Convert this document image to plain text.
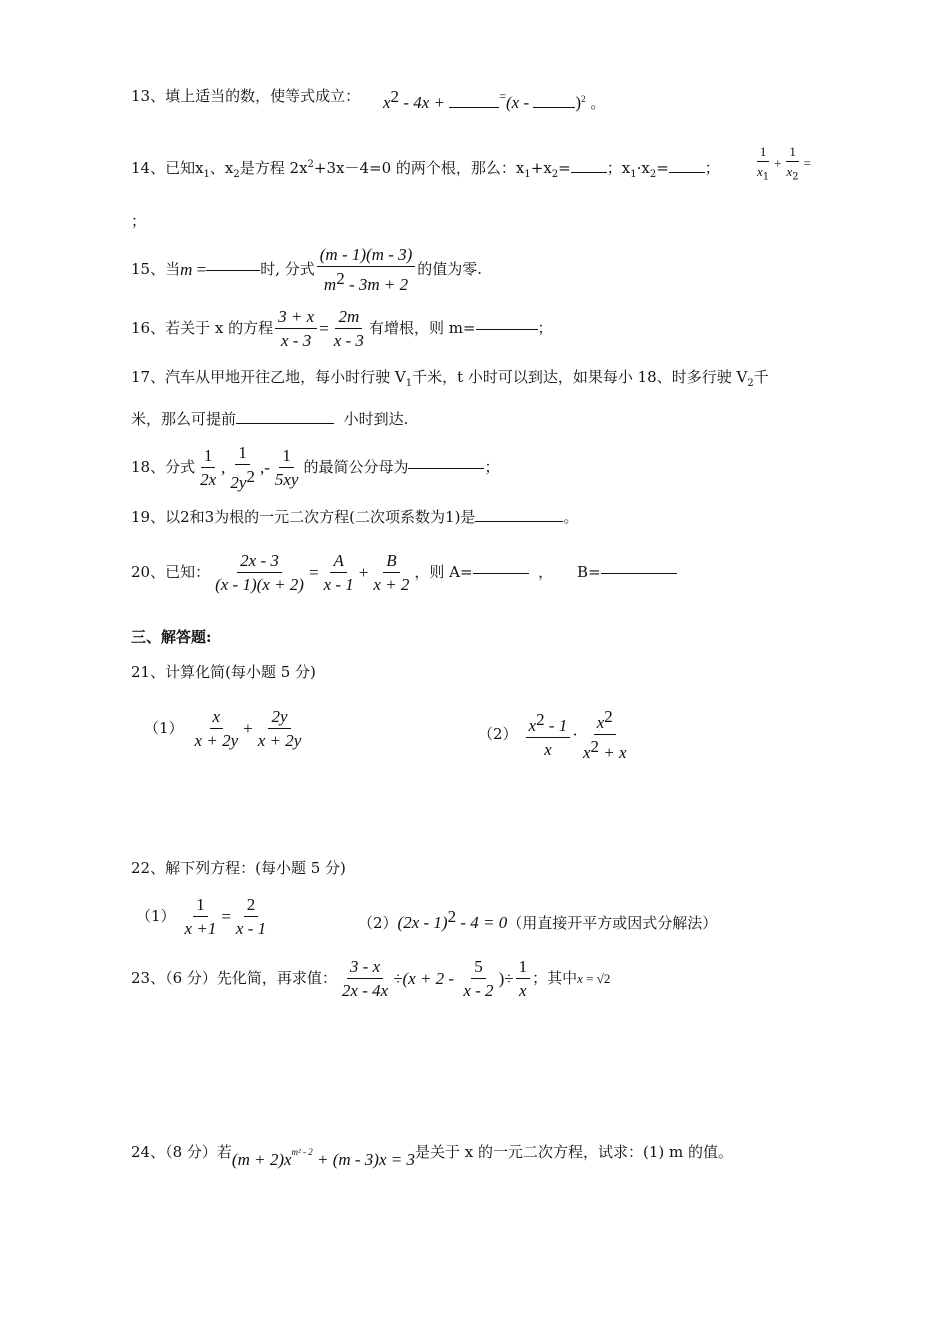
13、填上适当的数，使等式成立： $x^2 - 4x$ +	=(x - )$^2$ 。
14、已知$x_1$、$x_2$是方程 $2x^2+3x-4=0$ 的两个根，那么：$x_1+x_2=$ ；$x_1\cdot x_2=$ ；	$\frac{1}{x_1} + \frac{1}{x_2}$ =
；
15、当m =	时, 分式 $\frac{(m - 1)(m - 3)}{m^2 - 3m + 2}$ 的值为零.
16、若关于 x 的方程 $\frac{3 + x}{x - 3} = \frac{2m}{x - 3}$ 有增根，则 m=	；
17、汽车从甲地开往乙地，每小时行驶 $V_1$千米，t 小时可以到达，如果每小 18、时多行驶 $V_2$千
米，那么可提前	小时到达.
18、分式 $\frac{1}{2x}$ , $\frac{1}{2y^2}$ ,- $\frac{1}{5xy}$ 的最简公分母为	；
19、以2和3为根的一元二次方程(二次项系数为1)是	。
20、已知： $\frac{2x - 3}{(x - 1)(x + 2)} = \frac{A}{x - 1} + \frac{B}{x + 2}$ ，则 A=	， B=
三、解答题:
21、计算化简(每小题 5 分)
$(1) \frac{x}{x + 2y} + \frac{2y}{x + 2y}$	$(2) \frac{x^2 - 1}{x} \cdot \frac{x^2}{x^2 + x}$
22、解下列方程：(每小题 5 分)
$(1) \frac{1}{x +1} = \frac{2}{x - 1}$	（2）(2x - 1)$^2$ - 4 = 0（用直接开平方或因式分解法）
23、（6 分）先化简，再求值： $\frac{3 - x}{2x - 4x} \div(x + 2 - \frac{5}{x - 2}$ )÷ $\frac{1}{x}$ ；其中x = √2
24、（8 分）若$(m + 2)x^{m^2 - 2} + (m - 3)x = 3$是关于 x 的一元二次方程，试求：(1) m 的值。
